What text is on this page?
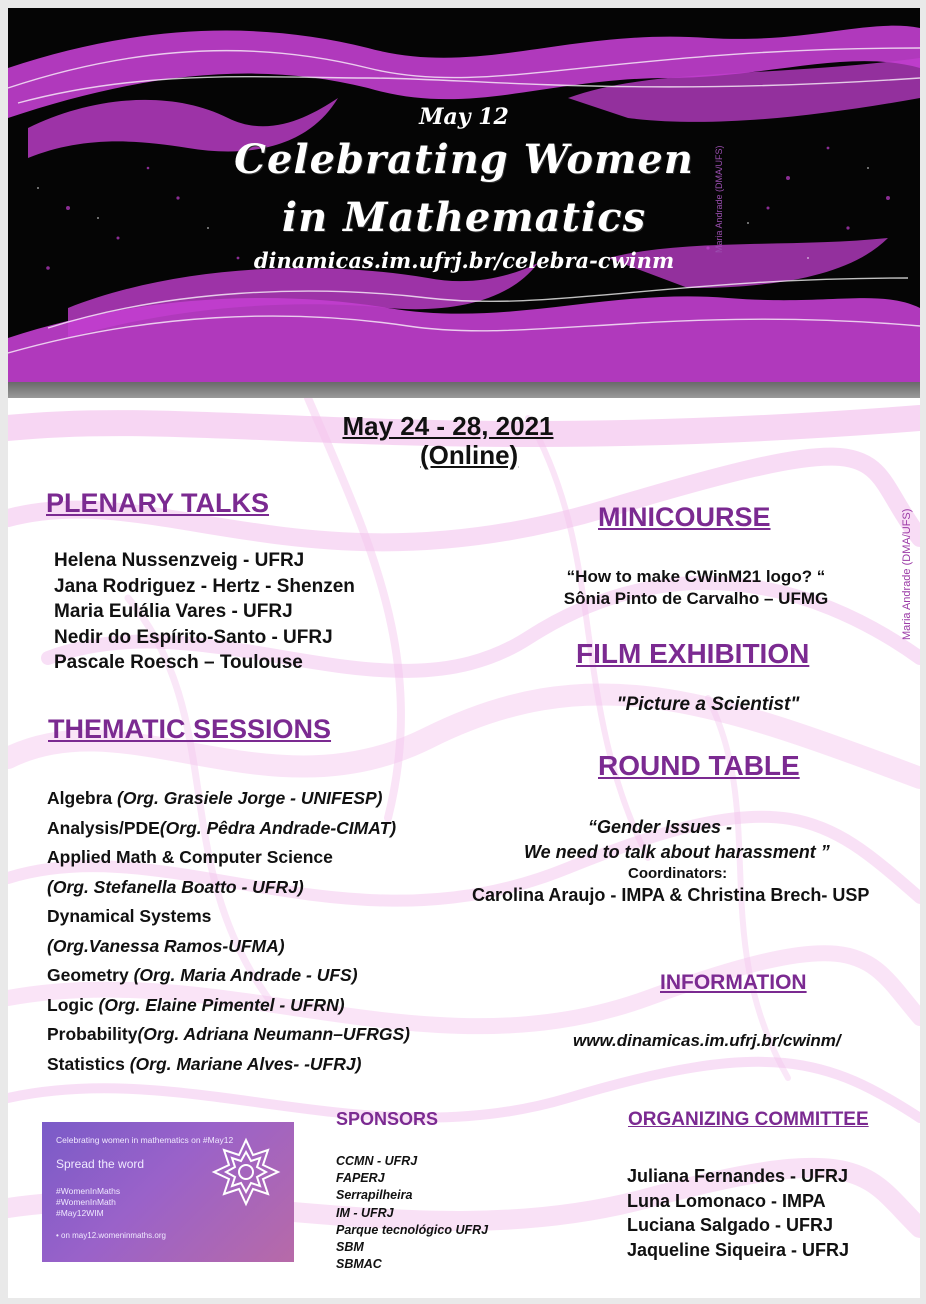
May 12
Celebrating Women
in Mathematics
dinamicas.im.ufrj.br/celebra-cwinm
Maria Andrade (DMA/UFS)
Maria Andrade (DMA/UFS)
May 24 - 28, 2021
(Online)
PLENARY TALKS
Helena Nussenzveig - UFRJ
Jana Rodriguez - Hertz - Shenzen
Maria Eulália Vares - UFRJ
Nedir do Espírito-Santo - UFRJ
Pascale Roesch – Toulouse
THEMATIC SESSIONS
Algebra (Org. Grasiele Jorge - UNIFESP)
Analysis/PDE(Org. Pêdra Andrade-CIMAT)
Applied Math & Computer Science
(Org. Stefanella Boatto - UFRJ)
Dynamical Systems
(Org.Vanessa Ramos-UFMA)
Geometry (Org. Maria Andrade - UFS)
Logic (Org. Elaine Pimentel - UFRN)
Probability(Org. Adriana Neumann–UFRGS)
Statistics (Org. Mariane Alves- -UFRJ)
MINICOURSE
“How to make CWinM21 logo? “
Sônia Pinto de Carvalho – UFMG
FILM EXHIBITION
"Picture a Scientist"
ROUND TABLE
“Gender Issues -
We need to talk about harassment ”
Coordinators:
Carolina Araujo - IMPA & Christina Brech- USP
INFORMATION
www.dinamicas.im.ufrj.br/cwinm/
Celebrating women in mathematics on #May12
Spread the word
#WomenInMaths
#WomenInMath
#May12WIM
• on may12.womeninmaths.org
SPONSORS
CCMN - UFRJ
FAPERJ
Serrapilheira
IM - UFRJ
Parque tecnológico UFRJ
SBM
SBMAC
ORGANIZING COMMITTEE
Juliana Fernandes - UFRJ
Luna Lomonaco - IMPA
Luciana Salgado - UFRJ
Jaqueline Siqueira - UFRJ
